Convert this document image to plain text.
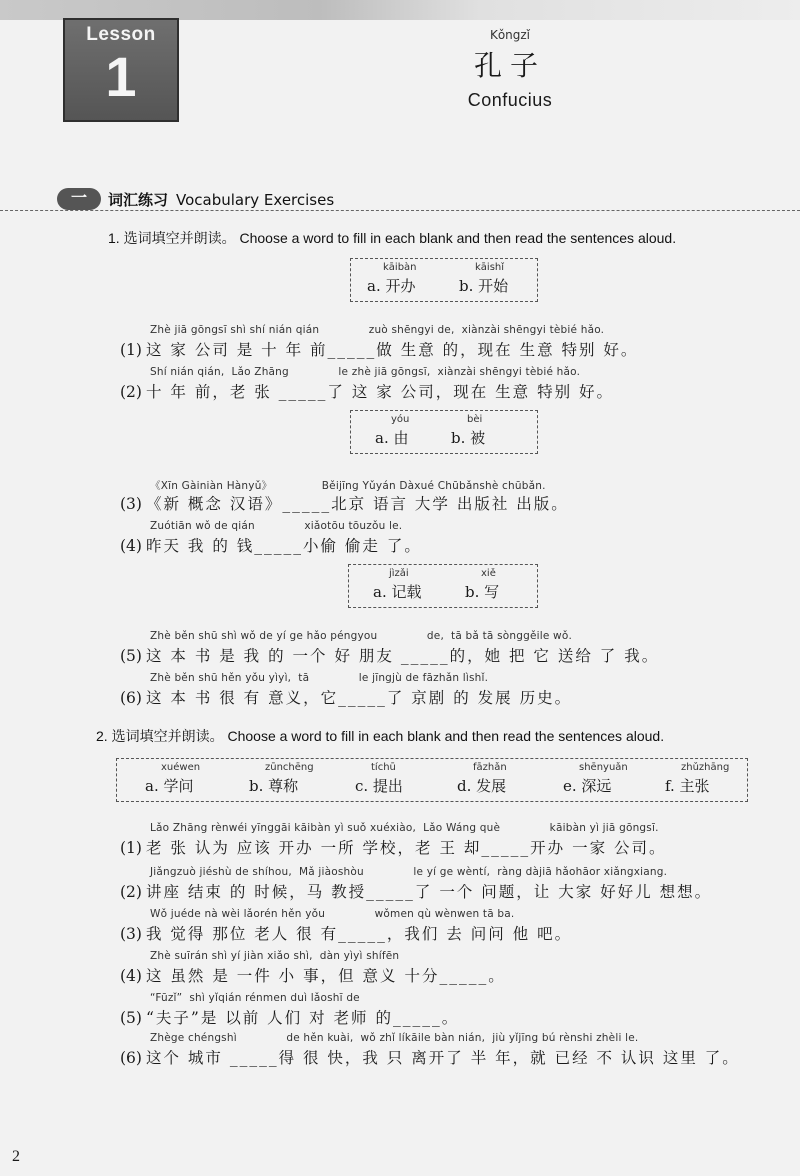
Lesson
1
Kǒngzǐ
孔子
Confucius
一	词汇练习 Vocabulary Exercises
1. 选词填空并朗读。 Choose a word to fill in each blank and then read the sentences aloud.
kāibàn
a. 开办
kāishǐ
b. 开始
Zhè jiā gōngsī shì shí nián qián              zuò shēngyi de,  xiànzài shēngyi tèbié hǎo.
(1) 这 家 公司 是 十 年 前_____做 生意 的，现在 生意 特别 好。
Shí nián qián,  Lǎo Zhāng              le zhè jiā gōngsī,  xiànzài shēngyi tèbié hǎo.
(2) 十 年 前，老 张 _____了 这 家 公司，现在 生意 特别 好。
yóu
a. 由
bèi
b. 被
《Xīn Gàiniàn Hànyǔ》              Běijīng Yǔyán Dàxué Chūbǎnshè chūbǎn.
(3) 《新 概念 汉语》_____北京 语言 大学 出版社 出版。
Zuótiān wǒ de qián              xiǎotōu tōuzǒu le.
(4) 昨天 我 的 钱_____小偷 偷走 了。
jìzǎi
a. 记载
xiě
b. 写
Zhè běn shū shì wǒ de yí ge hǎo péngyou              de,  tā bǎ tā sònggěile wǒ.
(5) 这 本 书 是 我 的 一个 好 朋友 _____的，她 把 它 送给 了 我。
Zhè běn shū hěn yǒu yìyì,  tā              le jīngjù de fāzhǎn lìshǐ.
(6) 这 本 书 很 有 意义，它_____了 京剧 的 发展 历史。
2. 选词填空并朗读。 Choose a word to fill in each blank and then read the sentences aloud.
xuéwen
a. 学问
zūnchēng
b. 尊称
tíchū
c. 提出
fāzhǎn
d. 发展
shēnyuǎn
e. 深远
zhǔzhāng
f. 主张
Lǎo Zhāng rènwéi yīnggāi kāibàn yì suǒ xuéxiào,  Lǎo Wáng què              kāibàn yì jiā gōngsī.
(1) 老 张 认为 应该 开办 一所 学校，老 王 却_____开办 一家 公司。
Jiǎngzuò jiéshù de shíhou,  Mǎ jiàoshòu              le yí ge wèntí,  ràng dàjiā hǎohāor xiǎngxiang.
(2) 讲座 结束 的 时候，马 教授_____了 一个 问题，让 大家 好好儿 想想。
Wǒ juéde nà wèi lǎorén hěn yǒu              wǒmen qù wènwen tā ba.
(3) 我 觉得 那位 老人 很 有_____，我们 去 问问 他 吧。
Zhè suīrán shì yí jiàn xiǎo shì,  dàn yìyì shífēn
(4) 这 虽然 是 一件 小 事，但 意义 十分_____。
“Fūzǐ”  shì yǐqián rénmen duì lǎoshī de
(5) “夫子”是 以前 人们 对 老师 的_____。
Zhège chéngshì              de hěn kuài,  wǒ zhǐ líkāile bàn nián,  jiù yǐjīng bú rènshi zhèli le.
(6) 这个 城市 _____得 很 快，我 只 离开了 半 年，就 已经 不 认识 这里 了。
2
